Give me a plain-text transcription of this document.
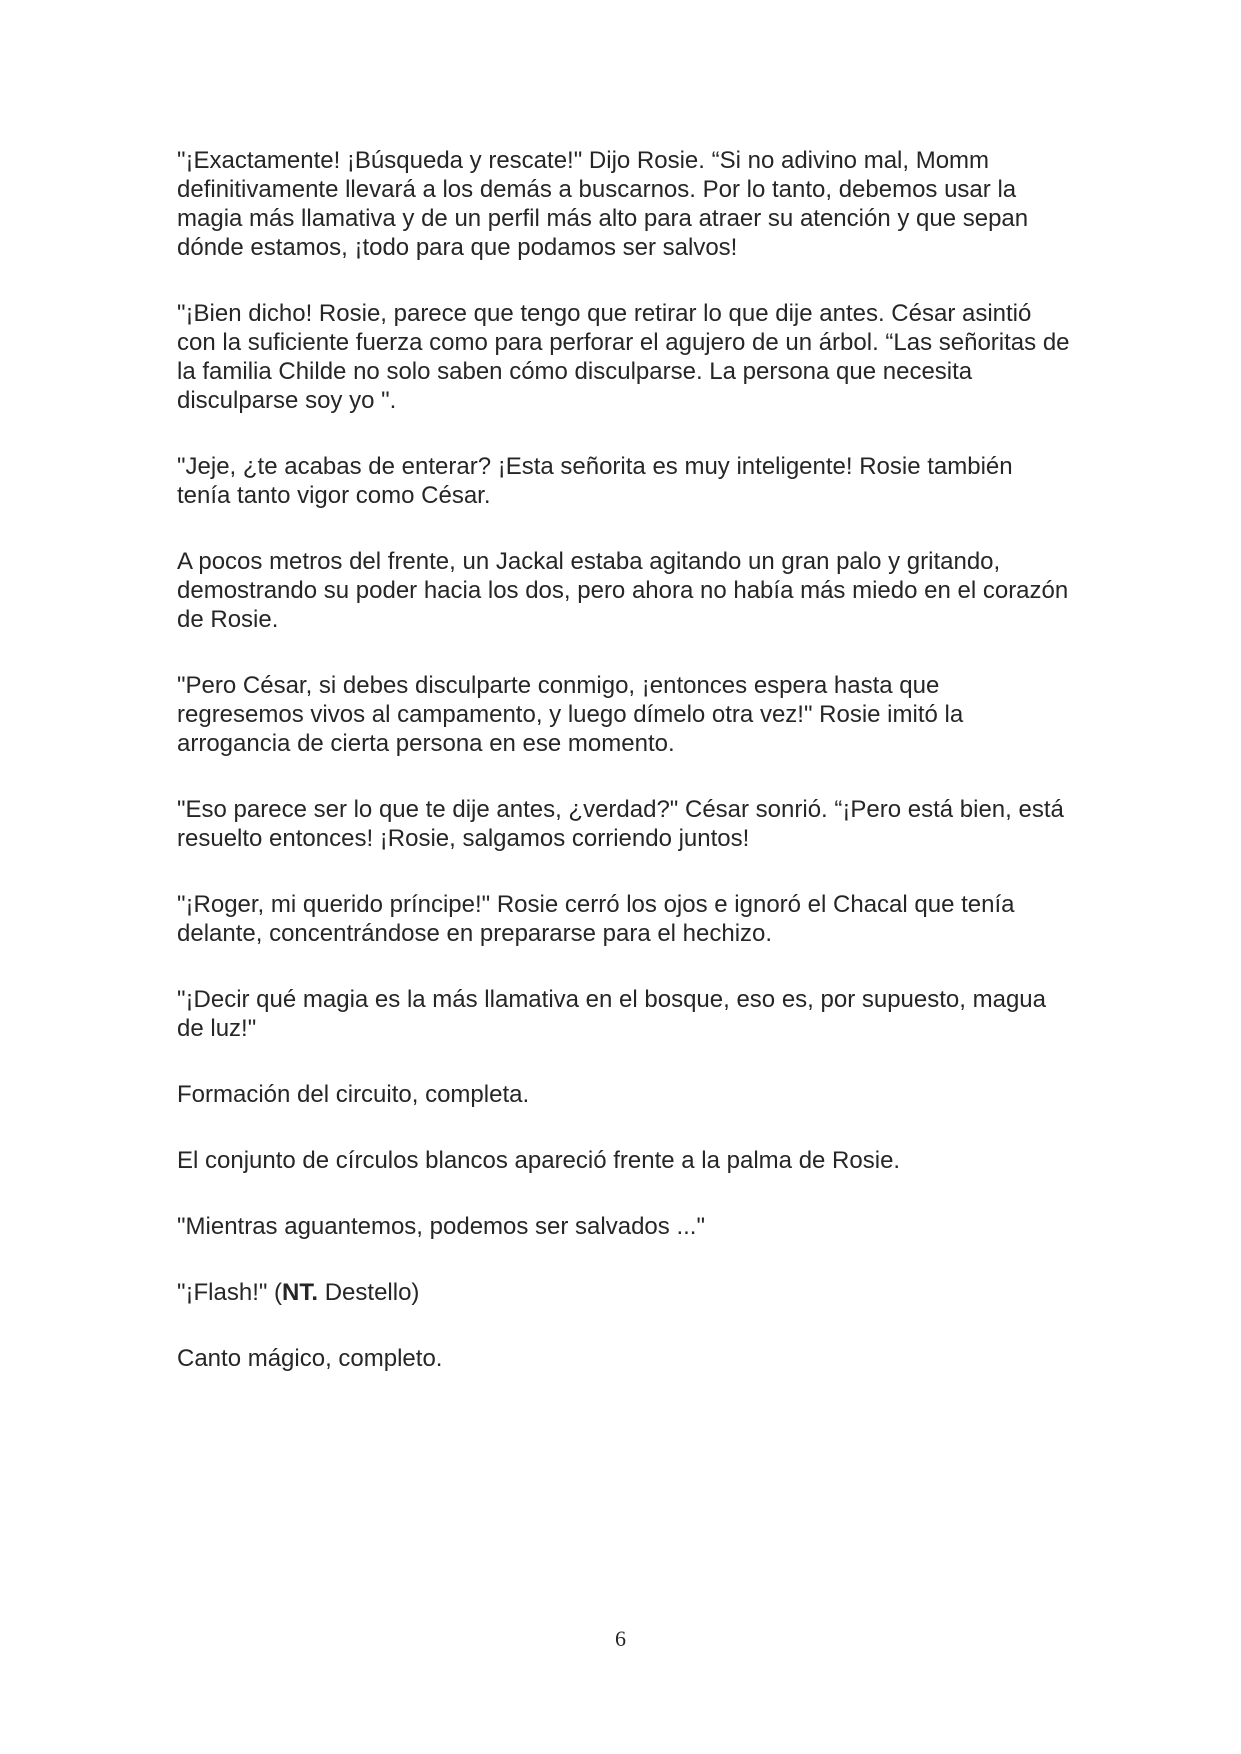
"¡Exactamente! ¡Búsqueda y rescate!" Dijo Rosie. “Si no adivino mal, Momm definitivamente llevará a los demás a buscarnos. Por lo tanto, debemos usar la magia más llamativa y de un perfil más alto para atraer su atención y que sepan dónde estamos, ¡todo para que podamos ser salvos!

"¡Bien dicho! Rosie, parece que tengo que retirar lo que dije antes. César asintió con la suficiente fuerza como para perforar el agujero de un árbol. “Las señoritas de la familia Childe no solo saben cómo disculparse. La persona que necesita disculparse soy yo ".

"Jeje, ¿te acabas de enterar? ¡Esta señorita es muy inteligente! Rosie también tenía tanto vigor como César.

A pocos metros del frente, un Jackal estaba agitando un gran palo y gritando, demostrando su poder hacia los dos, pero ahora no había más miedo en el corazón de Rosie.

"Pero César, si debes disculparte conmigo, ¡entonces espera hasta que regresemos vivos al campamento, y luego dímelo otra vez!" Rosie imitó la arrogancia de cierta persona en ese momento.

"Eso parece ser lo que te dije antes, ¿verdad?" César sonrió. “¡Pero está bien, está resuelto entonces! ¡Rosie, salgamos corriendo juntos!

"¡Roger, mi querido príncipe!" Rosie cerró los ojos e ignoró el Chacal que tenía delante, concentrándose en prepararse para el hechizo.

"¡Decir qué magia es la más llamativa en el bosque, eso es, por supuesto, magua de luz!"

Formación del circuito, completa.

El conjunto de círculos blancos apareció frente a la palma de Rosie.

"Mientras aguantemos, podemos ser salvados ..."

"¡Flash!" (NT. Destello)

Canto mágico, completo.

6
